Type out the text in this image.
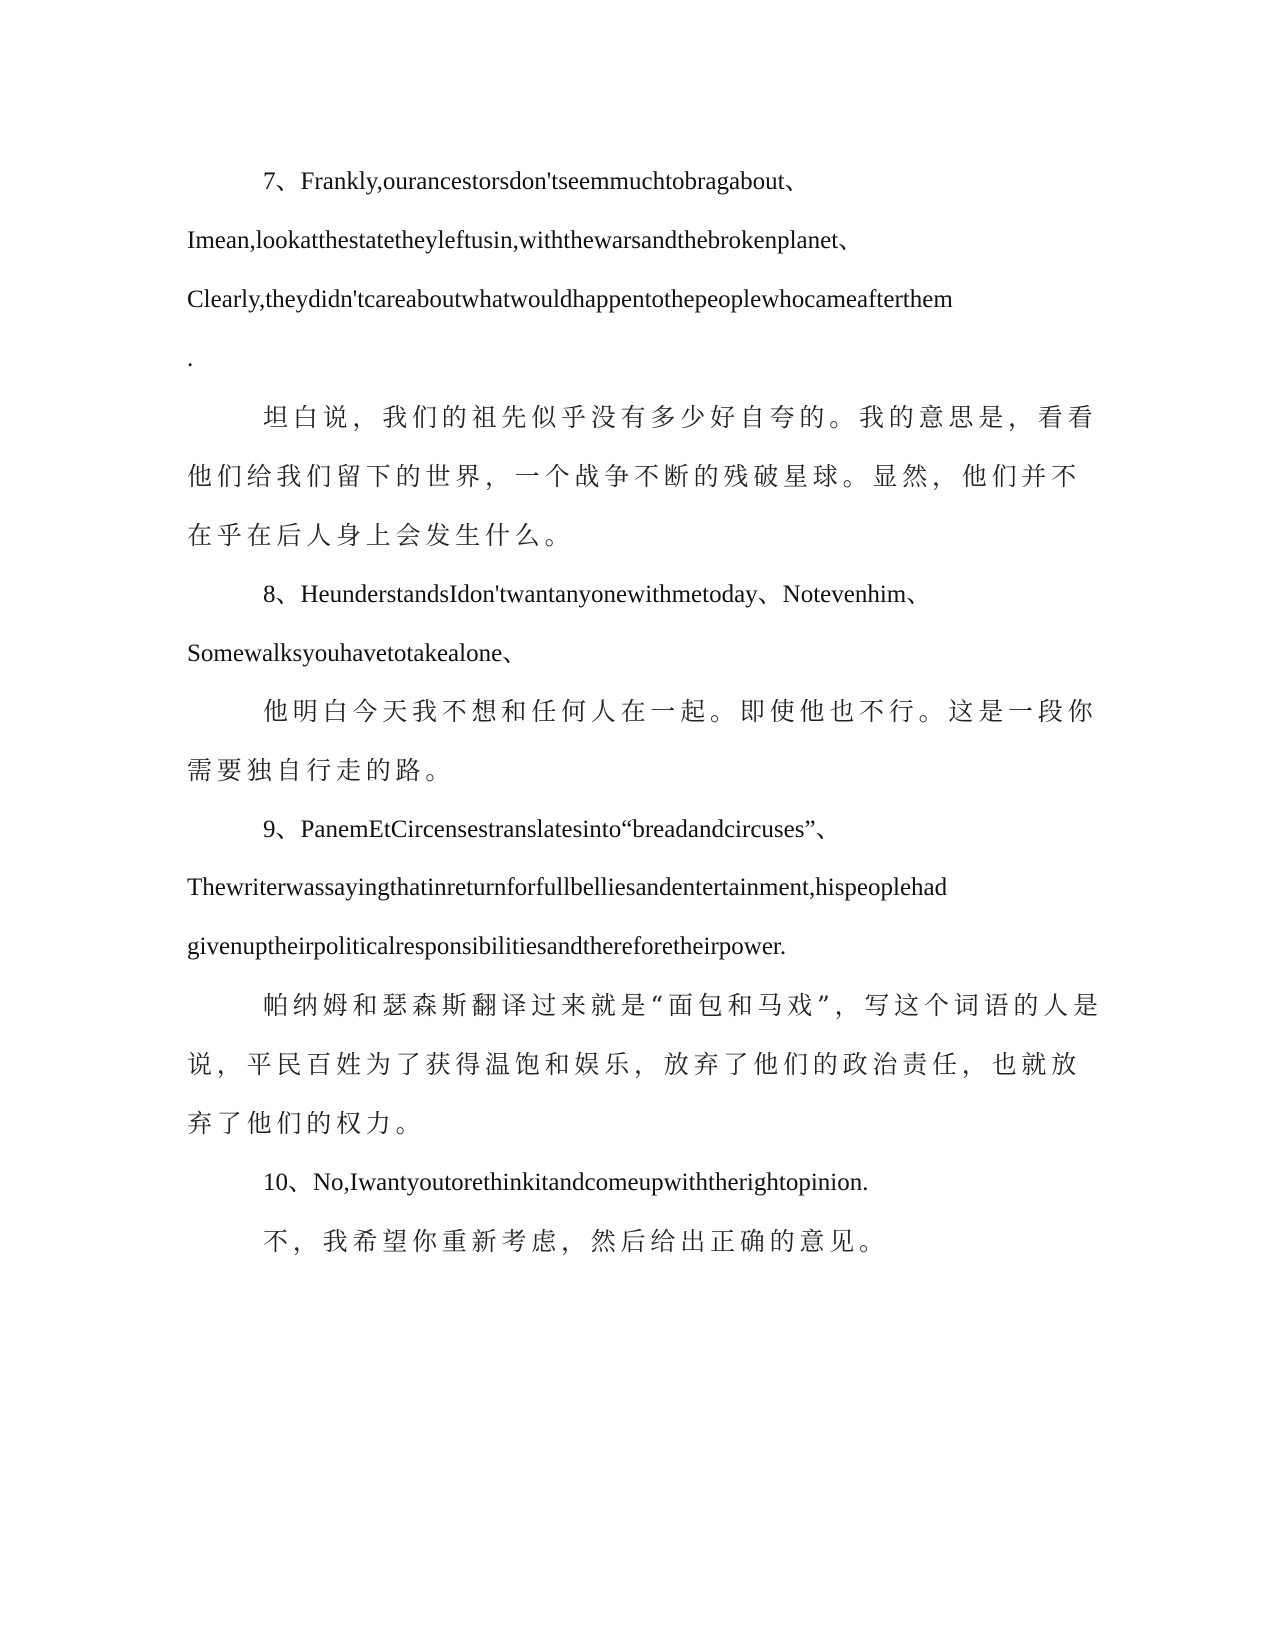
7、Frankly,ourancestorsdon'tseemmuchtobragabout、
Imean,lookatthestatetheyleftusin,withthewarsandthebrokenplanet、
Clearly,theydidn'tcareaboutwhatwouldhappentothepeoplewhocameafterthem
.
坦白说，我们的祖先似乎没有多少好自夸的。我的意思是，看看
他们给我们留下的世界，一个战争不断的残破星球。显然，他们并不
在乎在后人身上会发生什么。
8、HeunderstandsIdon'twantanyonewithmetoday、Notevenhim、
Somewalksyouhavetotakealone、
他明白今天我不想和任何人在一起。即使他也不行。这是一段你
需要独自行走的路。
9、PanemEtCircensestranslatesinto“breadandcircuses”、
Thewriterwassayingthatinreturnforfullbelliesandentertainment,hispeoplehad
givenuptheirpoliticalresponsibilitiesandthereforetheirpower.
帕纳姆和瑟森斯翻译过来就是“面包和马戏”，写这个词语的人是
说，平民百姓为了获得温饱和娱乐，放弃了他们的政治责任，也就放
弃了他们的权力。
10、No,Iwantyoutorethinkitandcomeupwiththerightopinion.
不，我希望你重新考虑，然后给出正确的意见。
